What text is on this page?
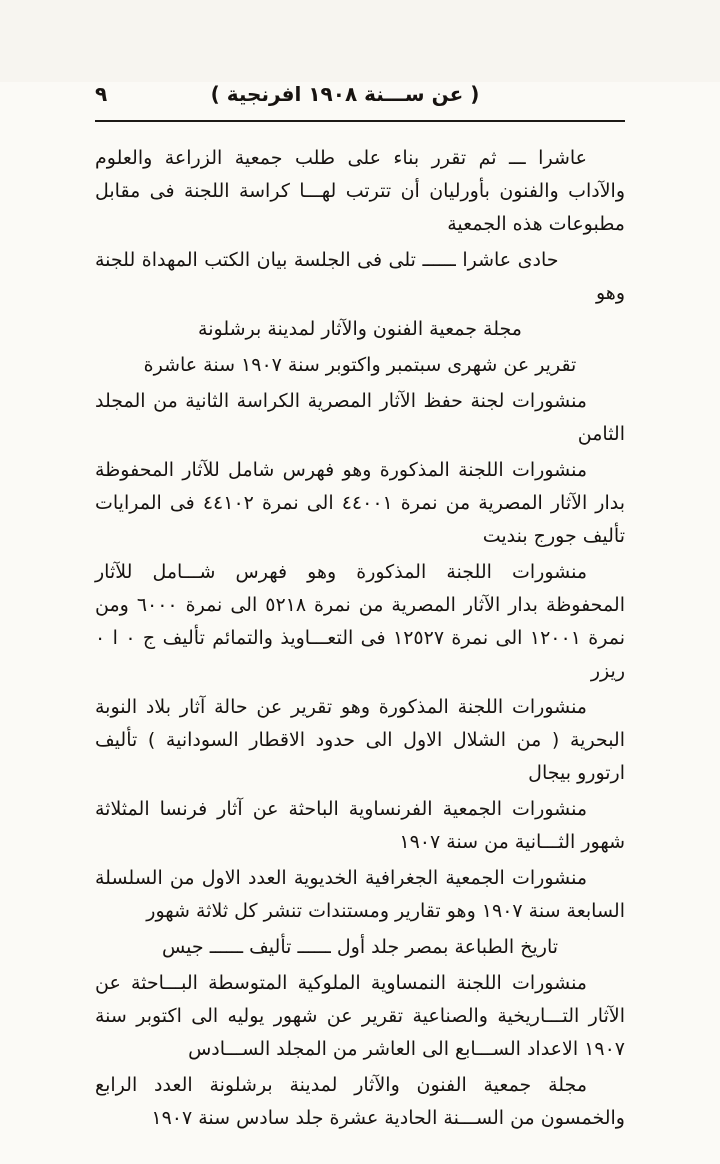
٩	( عن ســـنة ١٩٠٨ افرنجية )

عاشرا ـــ ثم تقرر بناء على طلب جمعية الزراعة والعلوم والآداب والفنون بأورليان أن تترتب لهـــا كراسة اللجنة فى مقابل مطبوعات هذه الجمعية

حادى عاشرا ــــــ تلى فى الجلسة بيان الكتب المهداة للجنة وهو

مجلة جمعية الفنون والآثار لمدينة برشلونة

تقرير عن شهرى سبتمبر واكتوبر سنة ١٩٠٧ سنة عاشرة

منشورات لجنة حفظ الآثار المصرية الكراسة الثانية من المجلد الثامن

منشورات اللجنة المذكورة وهو فهرس شامل للآثار المحفوظة بدار الآثار المصرية من نمرة ٤٤٠٠١ الى نمرة ٤٤١٠٢ فى المرايات تأليف جورج بنديت

منشورات اللجنة المذكورة وهو فهرس شـــامل للآثار المحفوظة بدار الآثار المصرية من نمرة ٥٢١٨ الى نمرة ٦٠٠٠ ومن نمرة ١٢٠٠١ الى نمرة ١٢٥٢٧ فى التعـــاويذ والتمائم تأليف ج ٠ ا ٠ ريزر

منشورات اللجنة المذكورة وهو تقرير عن حالة آثار بلاد النوبة البحرية ( من الشلال الاول الى حدود الاقطار السودانية ) تأليف ارتورو بيجال

منشورات الجمعية الفرنساوية الباحثة عن آثار فرنسا المثلاثة شهور الثـــانية من سنة ١٩٠٧

منشورات الجمعية الجغرافية الخديوية العدد الاول من السلسلة السابعة سنة ١٩٠٧ وهو تقارير ومستندات تنشر كل ثلاثة شهور

تاريخ الطباعة بمصر جلد أول ــــــ تأليف ــــــ جيس

منشورات اللجنة النمساوية الملوكية المتوسطة البـــاحثة عن الآثار التـــاريخية والصناعية تقرير عن شهور يوليه الى اكتوبر سنة ١٩٠٧ الاعداد الســـابع الى العاشر من المجلد الســـادس

مجلة جمعية الفنون والآثار لمدينة برشلونة العدد الرابع والخمسون من الســـنة الحادية عشرة جلد سادس سنة ١٩٠٧
